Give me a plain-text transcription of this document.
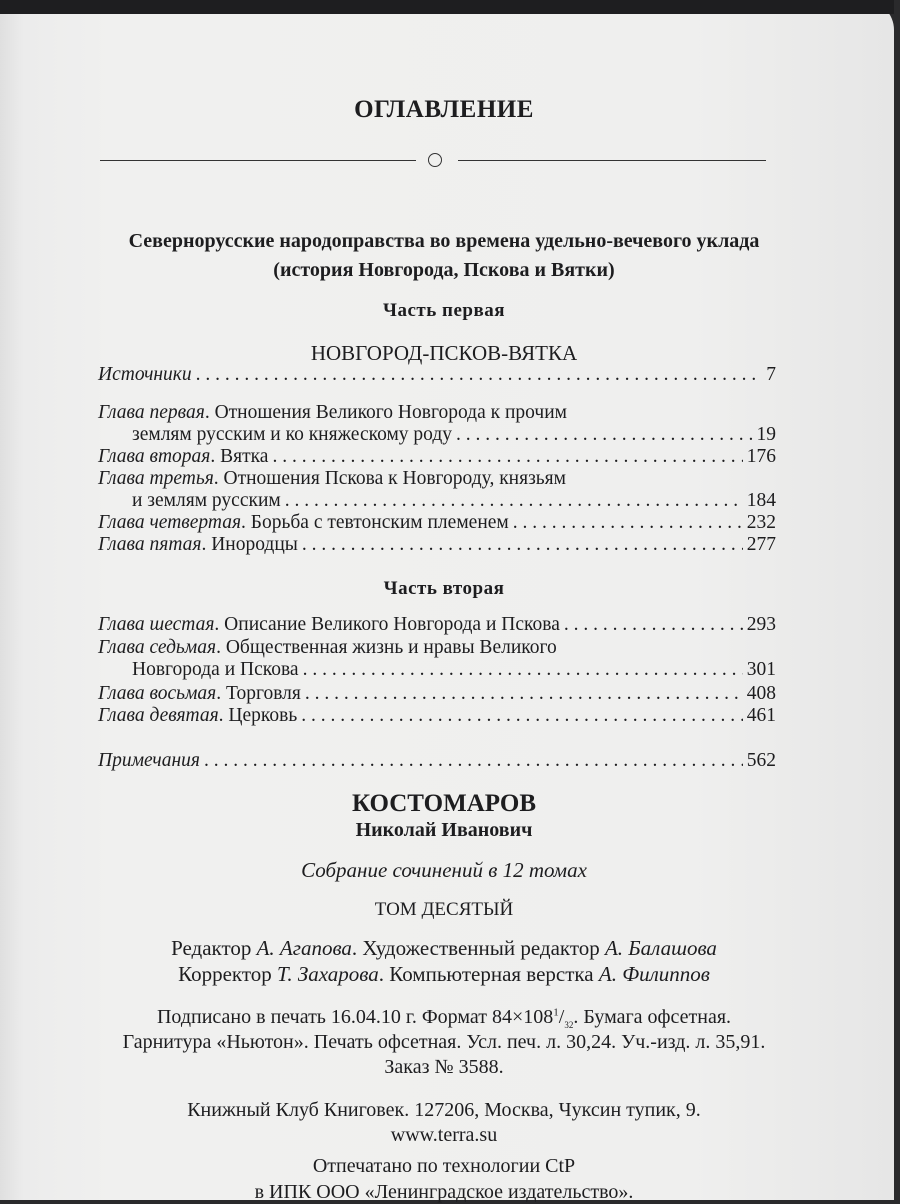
ОГЛАВЛЕНИЕ

Севернорусские народоправства во времена удельно-вечевого уклада

(история Новгорода, Пскова и Вятки)

Часть первая

НОВГОРОД-ПСКОВ-ВЯТКА

Источники . . .	7
Глава первая. Отношения Великого Новгорода к прочим
землям русским и ко княжескому роду . . .	19
Глава вторая. Вятка . . .	176
Глава третья. Отношения Пскова к Новгороду, князьям
и землям русским . . .	184
Глава четвертая. Борьба с тевтонским племенем . . .	232
Глава пятая. Инородцы . . .	277

Часть вторая

Глава шестая. Описание Великого Новгорода и Пскова . . .	293
Глава седьмая. Общественная жизнь и нравы Великого
Новгорода и Пскова . . .	301
Глава восьмая. Торговля . . .	408
Глава девятая. Церковь . . .	461
Примечания . . .	562

КОСТОМАРОВ

Николай Иванович

Собрание сочинений в 12 томах

ТОМ ДЕСЯТЫЙ

Редактор А. Агапова. Художественный редактор А. Балашова

Корректор Т. Захарова. Компьютерная верстка А. Филиппов

Подписано в печать 16.04.10 г. Формат $84\times 108^1/_{32}$. Бумага офсетная.

Гарнитура «Ньютон». Печать офсетная. Усл. печ. л. 30,24. Уч.-изд. л. 35,91.

Заказ № 3588.

Книжный Клуб Книговек. 127206, Москва, Чуксин тупик, 9.

www.terra.su

Отпечатано по технологии CtP

в ИПК ООО «Ленинградское издательство».
